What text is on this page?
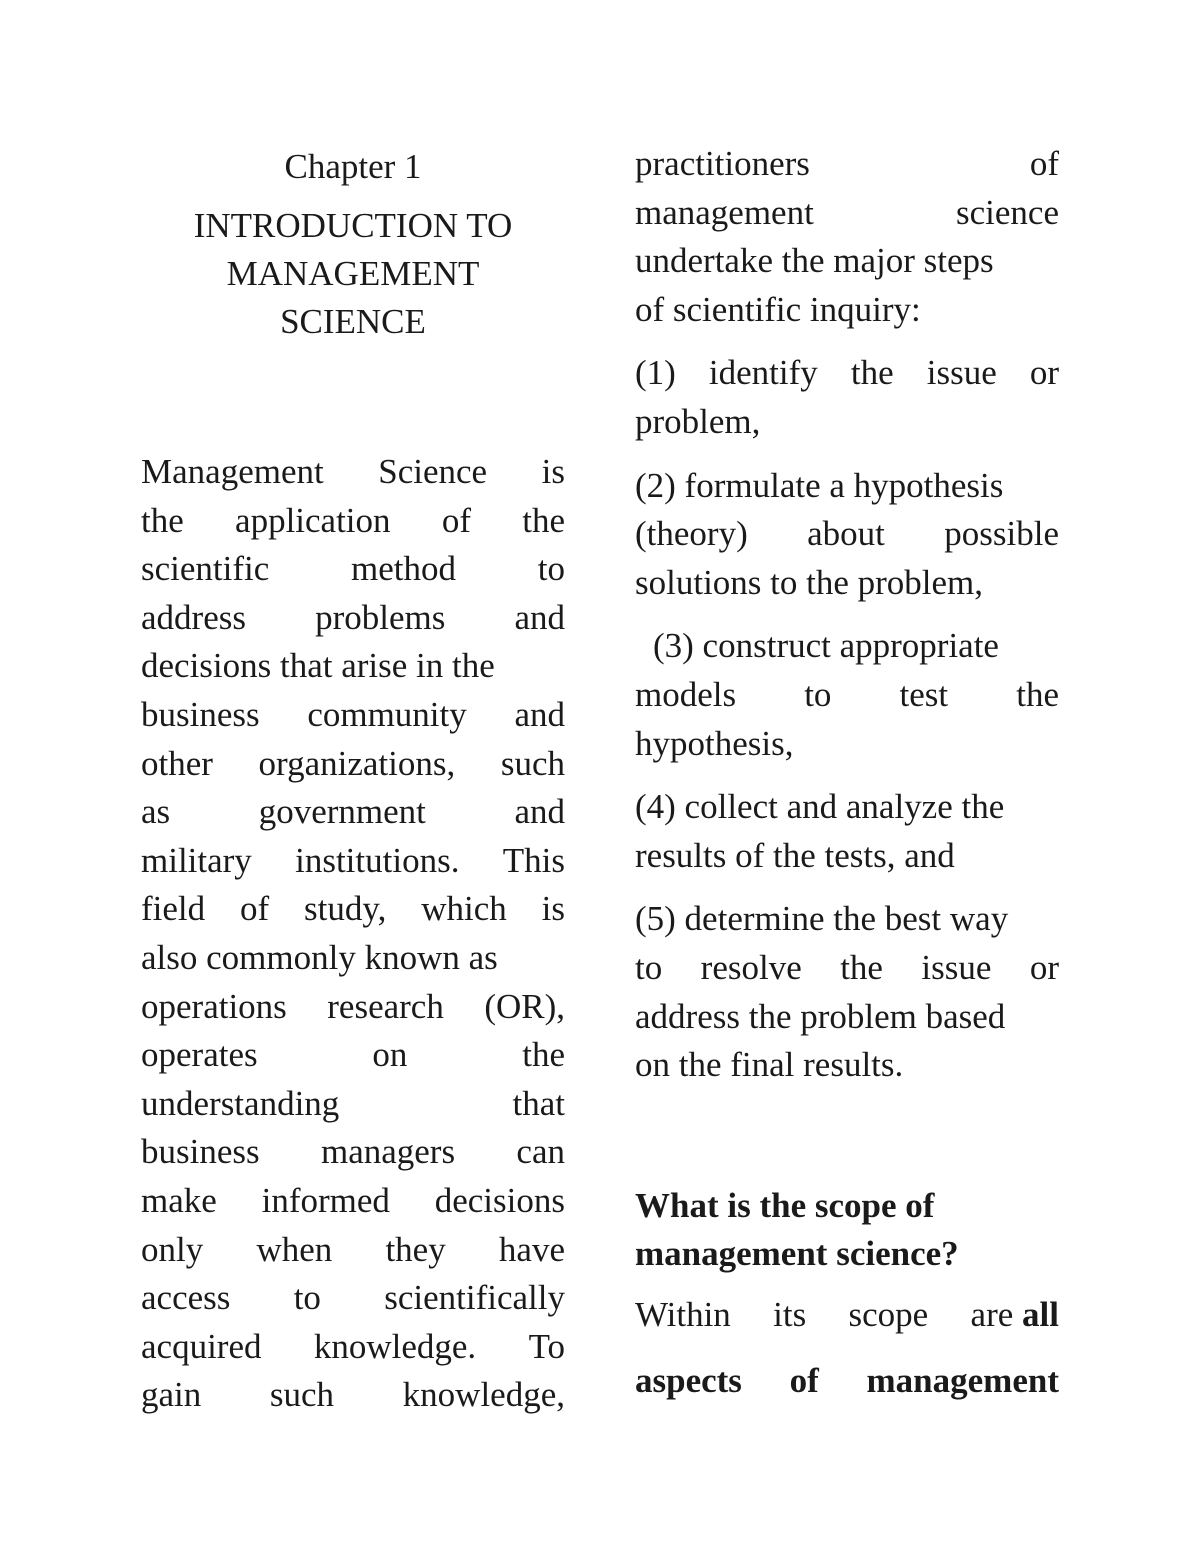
Chapter 1
INTRODUCTION TO
MANAGEMENT
SCIENCE
Management Science is
the application of the
scientific method to
address problems and
decisions that arise in the
business community and
other organizations, such
as	government	and
military institutions. This
field of study, which is
also commonly known as
operations research (OR),
operates	on	the
understanding	that
business managers can
make informed decisions
only when they have
access to scientifically
acquired knowledge. To
gain such knowledge,
practitioners	of
management	science
undertake the major steps
of scientific inquiry:
(1) identify the issue or
problem,
(2) formulate a hypothesis
(theory) about possible
solutions to the problem,
(3) construct appropriate
models to test the
hypothesis,
(4) collect and analyze the
results of the tests, and
(5) determine the best way
to resolve the issue or
address the problem based
on the final results.
What is the scope of
management science?
Within its scope are all
aspects of management
